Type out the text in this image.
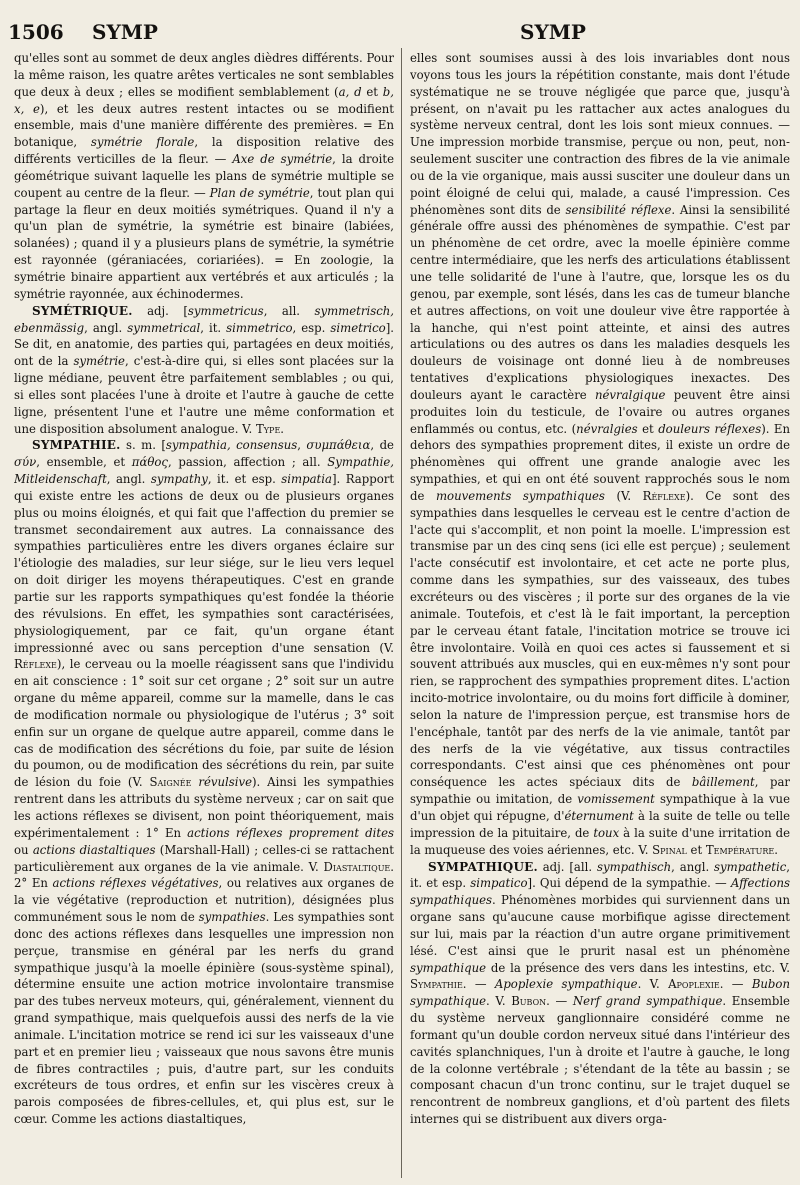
1506 SYMP	SYMP
qu'elles sont au sommet de deux angles dièdres différents. Pour la même raison, les quatre arêtes verticales ne sont semblables que deux à deux ; elles se modifient semblablement (a, d et b, x, e), et les deux autres restent intactes ou se modifient ensemble, mais d'une manière différente des premières. = En botanique, symétrie florale, la disposition relative des différents verticilles de la fleur. — Axe de symétrie, la droite géométrique suivant laquelle les plans de symétrie multiple se coupent au centre de la fleur. — Plan de symétrie, tout plan qui partage la fleur en deux moitiés symétriques. Quand il n'y a qu'un plan de symétrie, la symétrie est binaire (labiées, solanées) ; quand il y a plusieurs plans de symétrie, la symétrie est rayonnée (géraniacées, coriariées). = En zoologie, la symétrie binaire appartient aux vertébrés et aux articulés ; la symétrie rayonnée, aux échinodermes.
SYMÉTRIQUE. adj. [symmetricus, all. symmetrisch, ebenmässig, angl. symmetrical, it. simmetrico, esp. simetrico]. Se dit, en anatomie, des parties qui, partagées en deux moitiés, ont de la symétrie, c'est-à-dire qui, si elles sont placées sur la ligne médiane, peuvent être parfaitement semblables ; ou qui, si elles sont placées l'une à droite et l'autre à gauche de cette ligne, présentent l'une et l'autre une même conformation et une disposition absolument analogue. V. Type.
SYMPATHIE. s. m. [sympathia, consensus, συμπάθεια, de σύν, ensemble, et πάθος, passion, affection ; all. Sympathie, Mitleidenschaft, angl. sympathy, it. et esp. simpatia]. Rapport qui existe entre les actions de deux ou de plusieurs organes plus ou moins éloignés, et qui fait que l'affection du premier se transmet secondairement aux autres. La connaissance des sympathies particulières entre les divers organes éclaire sur l'étiologie des maladies, sur leur siége, sur le lieu vers lequel on doit diriger les moyens thérapeutiques. C'est en grande partie sur les rapports sympathiques qu'est fondée la théorie des révulsions. En effet, les sympathies sont caractérisées, physiologiquement, par ce fait, qu'un organe étant impressionné avec ou sans perception d'une sensation (V. Réflexe), le cerveau ou la moelle réagissent sans que l'individu en ait conscience : 1° soit sur cet organe ; 2° soit sur un autre organe du même appareil, comme sur la mamelle, dans le cas de modification normale ou physiologique de l'utérus ; 3° soit enfin sur un organe de quelque autre appareil, comme dans le cas de modification des sécrétions du foie, par suite de lésion du poumon, ou de modification des sécrétions du rein, par suite de lésion du foie (V. Saignée révulsive). Ainsi les sympathies rentrent dans les attributs du système nerveux ; car on sait que les actions réflexes se divisent, non point théoriquement, mais expérimentalement : 1° En actions réflexes proprement dites ou actions diastaltiques (Marshall-Hall) ; celles-ci se rattachent particulièrement aux organes de la vie animale. V. Diastaltique. 2° En actions réflexes végétatives, ou relatives aux organes de la vie végétative (reproduction et nutrition), désignées plus communément sous le nom de sympathies. Les sympathies sont donc des actions réflexes dans lesquelles une impression non perçue, transmise en général par les nerfs du grand sympathique jusqu'à la moelle épinière (sous-système spinal), détermine ensuite une action motrice involontaire transmise par des tubes nerveux moteurs, qui, généralement, viennent du grand sympathique, mais quelquefois aussi des nerfs de la vie animale. L'incitation motrice se rend ici sur les vaisseaux d'une part et en premier lieu ; vaisseaux que nous savons être munis de fibres contractiles ; puis, d'autre part, sur les conduits excréteurs de tous ordres, et enfin sur les viscères creux à parois composées de fibres-cellules, et, qui plus est, sur le cœur. Comme les actions diastaltiques,
elles sont soumises aussi à des lois invariables dont nous voyons tous les jours la répétition constante, mais dont l'étude systématique ne se trouve négligée que parce que, jusqu'à présent, on n'avait pu les rattacher aux actes analogues du système nerveux central, dont les lois sont mieux connues. — Une impression morbide transmise, perçue ou non, peut, non-seulement susciter une contraction des fibres de la vie animale ou de la vie organique, mais aussi susciter une douleur dans un point éloigné de celui qui, malade, a causé l'impression. Ces phénomènes sont dits de sensibilité réflexe. Ainsi la sensibilité générale offre aussi des phénomènes de sympathie. C'est par un phénomène de cet ordre, avec la moelle épinière comme centre intermédiaire, que les nerfs des articulations établissent une telle solidarité de l'une à l'autre, que, lorsque les os du genou, par exemple, sont lésés, dans les cas de tumeur blanche et autres affections, on voit une douleur vive être rapportée à la hanche, qui n'est point atteinte, et ainsi des autres articulations ou des autres os dans les maladies desquels les douleurs de voisinage ont donné lieu à de nombreuses tentatives d'explications physiologiques inexactes. Des douleurs ayant le caractère névralgique peuvent être ainsi produites loin du testicule, de l'ovaire ou autres organes enflammés ou contus, etc. (névralgies et douleurs réflexes). En dehors des sympathies proprement dites, il existe un ordre de phénomènes qui offrent une grande analogie avec les sympathies, et qui en ont été souvent rapprochés sous le nom de mouvements sympathiques (V. Réflexe). Ce sont des sympathies dans lesquelles le cerveau est le centre d'action de l'acte qui s'accomplit, et non point la moelle. L'impression est transmise par un des cinq sens (ici elle est perçue) ; seulement l'acte consécutif est involontaire, et cet acte ne porte plus, comme dans les sympathies, sur des vaisseaux, des tubes excréteurs ou des viscères ; il porte sur des organes de la vie animale. Toutefois, et c'est là le fait important, la perception par le cerveau étant fatale, l'incitation motrice se trouve ici être involontaire. Voilà en quoi ces actes si faussement et si souvent attribués aux muscles, qui en eux-mêmes n'y sont pour rien, se rapprochent des sympathies proprement dites. L'action incito-motrice involontaire, ou du moins fort difficile à dominer, selon la nature de l'impression perçue, est transmise hors de l'encéphale, tantôt par des nerfs de la vie animale, tantôt par des nerfs de la vie végétative, aux tissus contractiles correspondants. C'est ainsi que ces phénomènes ont pour conséquence les actes spéciaux dits de bâillement, par sympathie ou imitation, de vomissement sympathique à la vue d'un objet qui répugne, d'éternument à la suite de telle ou telle impression de la pituitaire, de toux à la suite d'une irritation de la muqueuse des voies aériennes, etc. V. Spinal et Température.
SYMPATHIQUE. adj. [all. sympathisch, angl. sympathetic, it. et esp. simpatico]. Qui dépend de la sympathie. — Affections sympathiques. Phénomènes morbides qui surviennent dans un organe sans qu'aucune cause morbifique agisse directement sur lui, mais par la réaction d'un autre organe primitivement lésé. C'est ainsi que le prurit nasal est un phénomène sympathique de la présence des vers dans les intestins, etc. V. Sympathie. — Apoplexie sympathique. V. Apoplexie. — Bubon sympathique. V. Bubon. — Nerf grand sympathique. Ensemble du système nerveux ganglionnaire considéré comme ne formant qu'un double cordon nerveux situé dans l'intérieur des cavités splanchniques, l'un à droite et l'autre à gauche, le long de la colonne vertébrale ; s'étendant de la tête au bassin ; se composant chacun d'un tronc continu, sur le trajet duquel se rencontrent de nombreux ganglions, et d'où partent des filets internes qui se distribuent aux divers orga-
